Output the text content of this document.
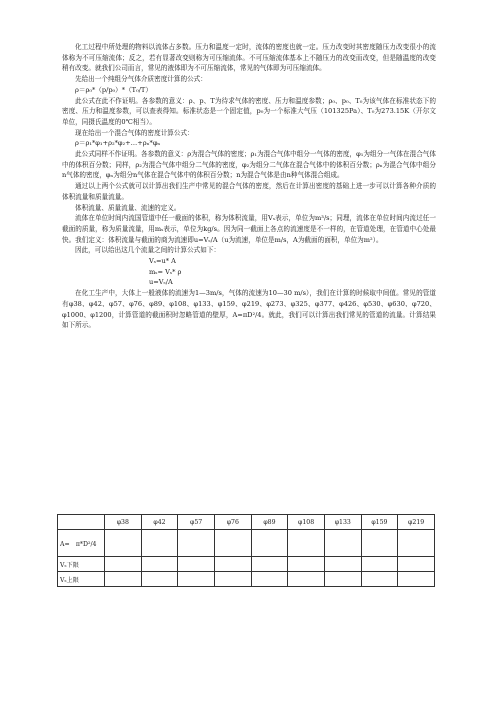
化工过程中所处理的物料以流体占多数。压力和温度一定时，流体的密度也就一定。压力改变时其密度随压力改变很小的流体称为不可压缩流体；反之，若有显著改变则称为可压缩流体。不可压缩流体基本上不随压力的改变而改变，但是随温度的改变稍有改变。就我们公司而言，常见的液体即为不可压缩流体，常见的气体即为可压缩流体。

先给出一个纯组分气体介质密度计算的公式：

ρ＝ρ₀*（p/p₀）*（T₀/T）

此公式在此不作证明。各参数的意义：ρ、p、T为待求气体的密度、压力和温度参数；ρ₀、p₀、T₀为该气体在标准状态下的密度、压力和温度参数，可以查表得知。标准状态是一个固定值，p₀为一个标准大气压（101325Pa）、T₀为273.15K（开尔文单位，同摄氏温度的0℃相当）。

现在给出一个混合气体的密度计算公式：

ρ＝ρ₁*φ₁+ρ₂*φ₂+…+ρₙ*φₙ

此公式同样不作证明。各参数的意义：ρ为混合气体的密度；ρ₁为混合气体中组分一气体的密度，φ₁为组分一气体在混合气体中的体积百分数；同样，ρ₂为混合气体中组分二气体的密度，φ₂为组分二气体在混合气体中的体积百分数；ρₙ为混合气体中组分n气体的密度，φₙ为组分n气体在混合气体中的体积百分数；n为混合气体是由n种气体混合组成。

通过以上两个公式就可以计算出我们生产中常见的混合气体的密度，然后在计算出密度的基础上进一步可以计算各种介质的体积流量和质量流量。

体积流量、质量流量、流速的定义。

流体在单位时间内流国管道中任一截面的体积，称为体积流量，用Vₛ表示，单位为m³/s；同理，流体在单位时间内流过任一截面的质量，称为质量流量，用mₛ表示，单位为kg/s。因为同一截面上各点的流速度是不一样的，在管道处理，在管道中心处最快。我们定义：体积流量与截面的商为流速即u=Vₛ/A（u为流速，单位是m/s，A为截面的面积，单位为m²）。

因此，可以给出这几个流量之间的计算公式如下：

Vₛ=u* A

mₛ= Vₛ* ρ

u=Vₛ/A

在化工生产中，大体上一般液体的流速为1—3m/s，气体的流速为10—30 m/s），我们在计算的时候取中间值。常见的管道有φ38、φ42、φ57、φ76、φ89、φ108、φ133、φ159、φ219、φ273、φ325、φ377、φ426、φ530、φ630、φ720、φ1000、φ1200，计算管道的截面积时忽略管道的壁厚，A=πD²/4。就此，我们可以计算出我们常见的管道的流量。计算结果如下所示。

	φ38	φ42	φ57	φ76	φ89	φ108	φ133	φ159	φ219
A=　π*D²/4									
Vₛ下限									
Vₛ上限									
